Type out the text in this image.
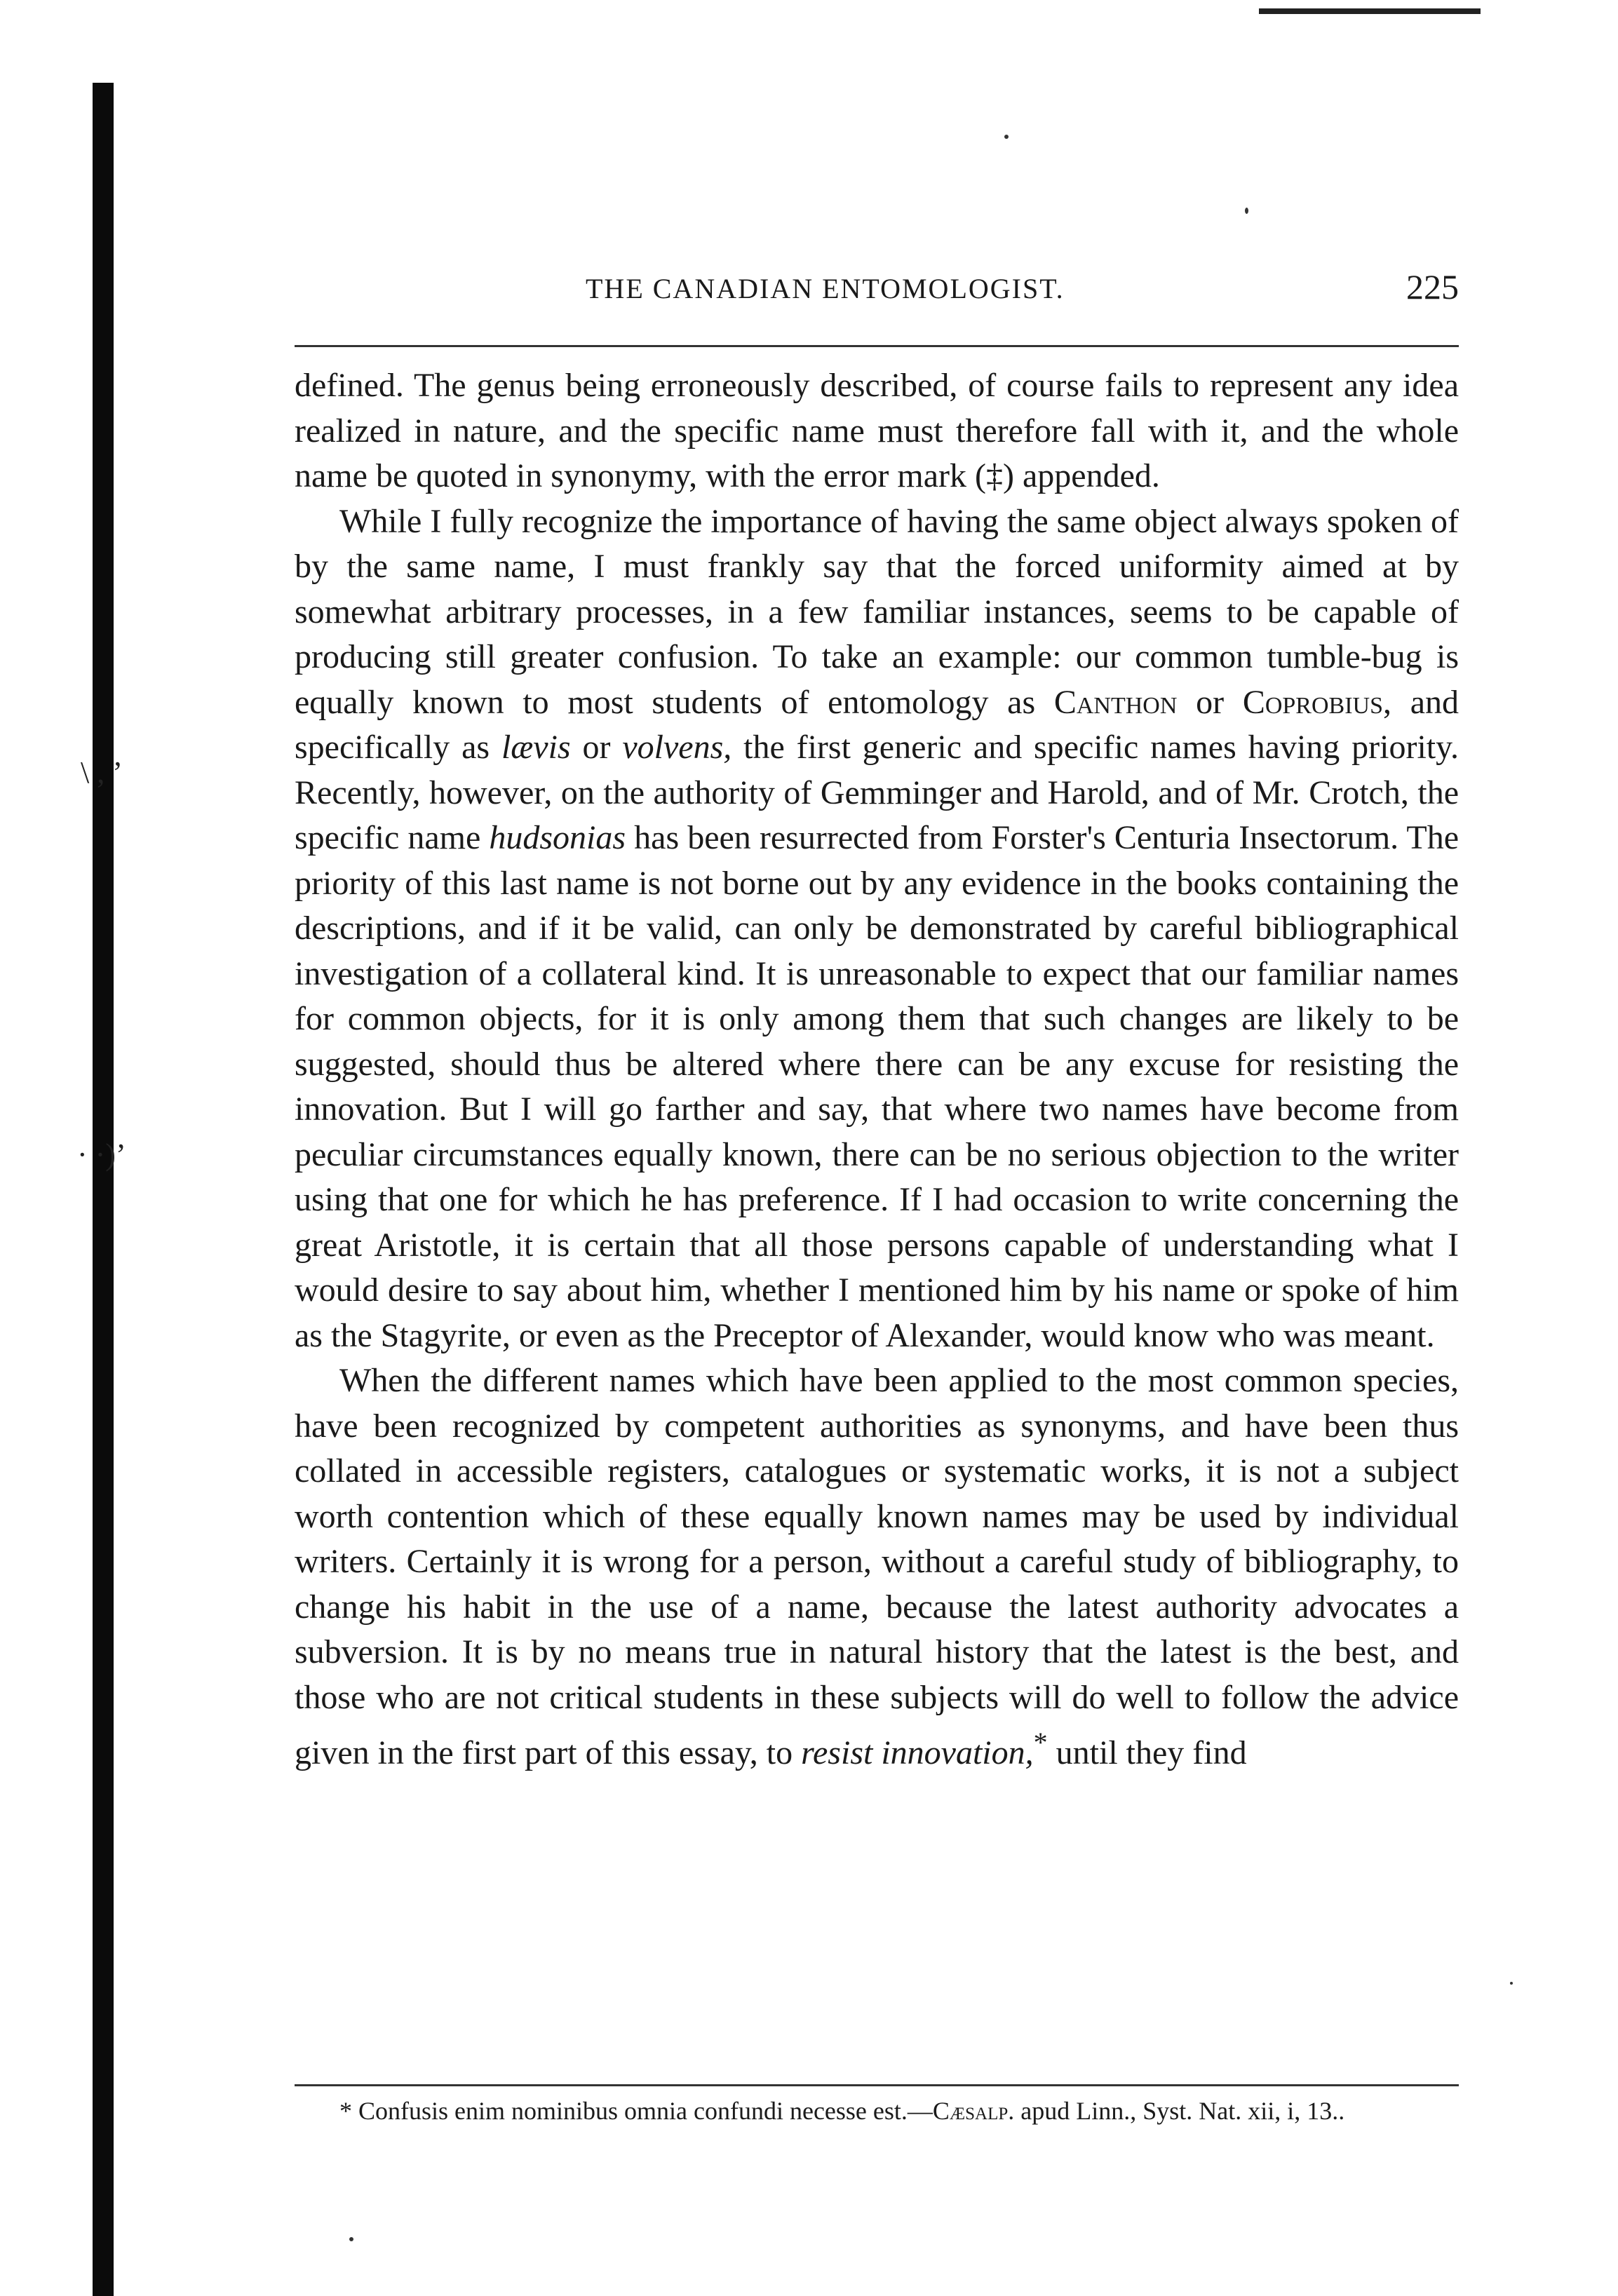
\ , ’
· ·)’
THE CANADIAN ENTOMOLOGIST.	225

defined. The genus being erroneously described, of course fails to represent any idea realized in nature, and the specific name must therefore fall with it, and the whole name be quoted in synonymy, with the error mark (‡) appended.

While I fully recognize the importance of having the same object always spoken of by the same name, I must frankly say that the forced uniformity aimed at by somewhat arbitrary processes, in a few familiar instances, seems to be capable of producing still greater confusion. To take an example: our common tumble-bug is equally known to most students of entomology as Canthon or Coprobius, and specifically as lævis or volvens, the first generic and specific names having priority. Recently, however, on the authority of Gemminger and Harold, and of Mr. Crotch, the specific name hudsonias has been resurrected from Forster's Centuria Insectorum. The priority of this last name is not borne out by any evidence in the books containing the descriptions, and if it be valid, can only be demonstrated by careful bibliographical investigation of a collateral kind. It is unreasonable to expect that our familiar names for common objects, for it is only among them that such changes are likely to be suggested, should thus be altered where there can be any excuse for resisting the innovation. But I will go farther and say, that where two names have become from peculiar circumstances equally known, there can be no serious objection to the writer using that one for which he has preference. If I had occasion to write concerning the great Aristotle, it is certain that all those persons capable of understanding what I would desire to say about him, whether I mentioned him by his name or spoke of him as the Stagyrite, or even as the Preceptor of Alexander, would know who was meant.

When the different names which have been applied to the most common species, have been recognized by competent authorities as synonyms, and have been thus collated in accessible registers, catalogues or systematic works, it is not a subject worth contention which of these equally known names may be used by individual writers. Certainly it is wrong for a person, without a careful study of bibliography, to change his habit in the use of a name, because the latest authority advocates a subversion. It is by no means true in natural history that the latest is the best, and those who are not critical students in these subjects will do well to follow the advice given in the first part of this essay, to resist innovation,* until they find

* Confusis enim nominibus omnia confundi necesse est.—Cæsalp. apud Linn., Syst. Nat. xii, i, 13..
